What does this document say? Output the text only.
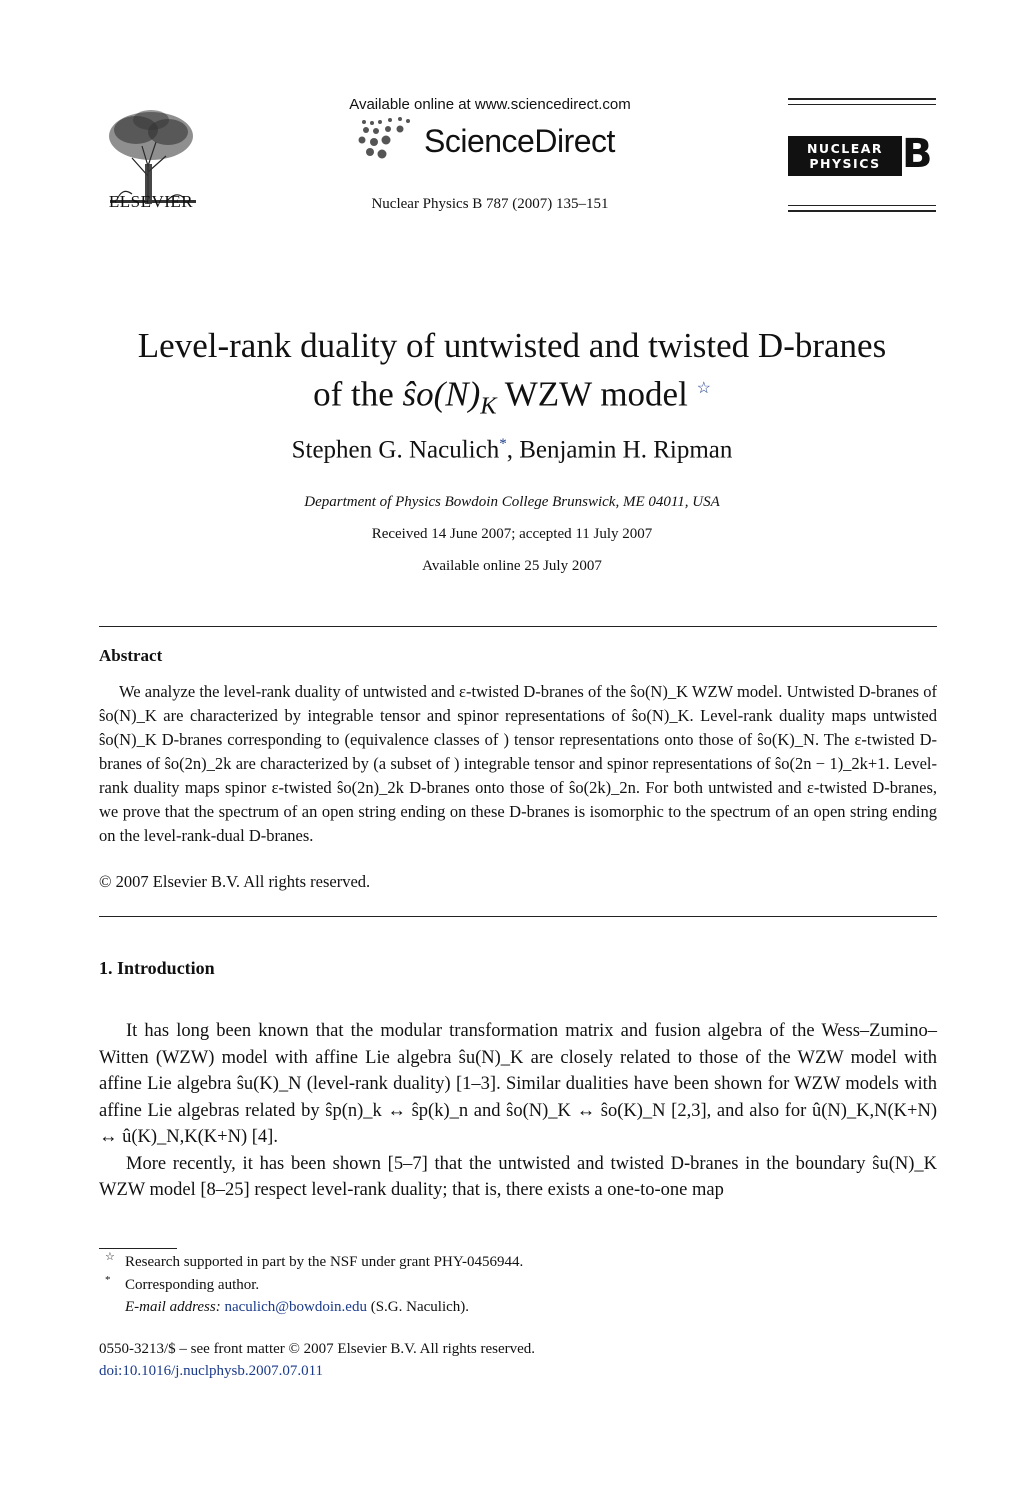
ELSEVIER
Available online at www.sciencedirect.com
ScienceDirect
Nuclear Physics B 787 (2007) 135–151
NUCLEAR
PHYSICS B
Level-rank duality of untwisted and twisted D-branes
of the $ŝo(N)_K$ WZW model ☆
Stephen G. Naculich*, Benjamin H. Ripman
Department of Physics Bowdoin College Brunswick, ME 04011, USA
Received 14 June 2007; accepted 11 July 2007
Available online 25 July 2007
Abstract

We analyze the level-rank duality of untwisted and ε-twisted D-branes of the ŝo(N)_K WZW model. Untwisted D-branes of ŝo(N)_K are characterized by integrable tensor and spinor representations of ŝo(N)_K. Level-rank duality maps untwisted ŝo(N)_K D-branes corresponding to (equivalence classes of ) tensor representations onto those of ŝo(K)_N. The ε-twisted D-branes of ŝo(2n)_2k are characterized by (a subset of ) integrable tensor and spinor representations of ŝo(2n − 1)_2k+1. Level-rank duality maps spinor ε-twisted ŝo(2n)_2k D-branes onto those of ŝo(2k)_2n. For both untwisted and ε-twisted D-branes, we prove that the spectrum of an open string ending on these D-branes is isomorphic to the spectrum of an open string ending on the level-rank-dual D-branes.

© 2007 Elsevier B.V. All rights reserved.
1. Introduction

It has long been known that the modular transformation matrix and fusion algebra of the Wess–Zumino–Witten (WZW) model with affine Lie algebra ŝu(N)_K are closely related to those of the WZW model with affine Lie algebra ŝu(K)_N (level-rank duality) [1–3]. Similar dualities have been shown for WZW models with affine Lie algebras related by ŝp(n)_k ↔ ŝp(k)_n and ŝo(N)_K ↔ ŝo(K)_N [2,3], and also for û(N)_K,N(K+N) ↔ û(K)_N,K(K+N) [4].

More recently, it has been shown [5–7] that the untwisted and twisted D-branes in the boundary ŝu(N)_K WZW model [8–25] respect level-rank duality; that is, there exists a one-to-one map

☆ Research supported in part by the NSF under grant PHY-0456944.
* Corresponding author.
E-mail address: naculich@bowdoin.edu (S.G. Naculich).
0550-3213/$ – see front matter © 2007 Elsevier B.V. All rights reserved.
doi:10.1016/j.nuclphysb.2007.07.011
